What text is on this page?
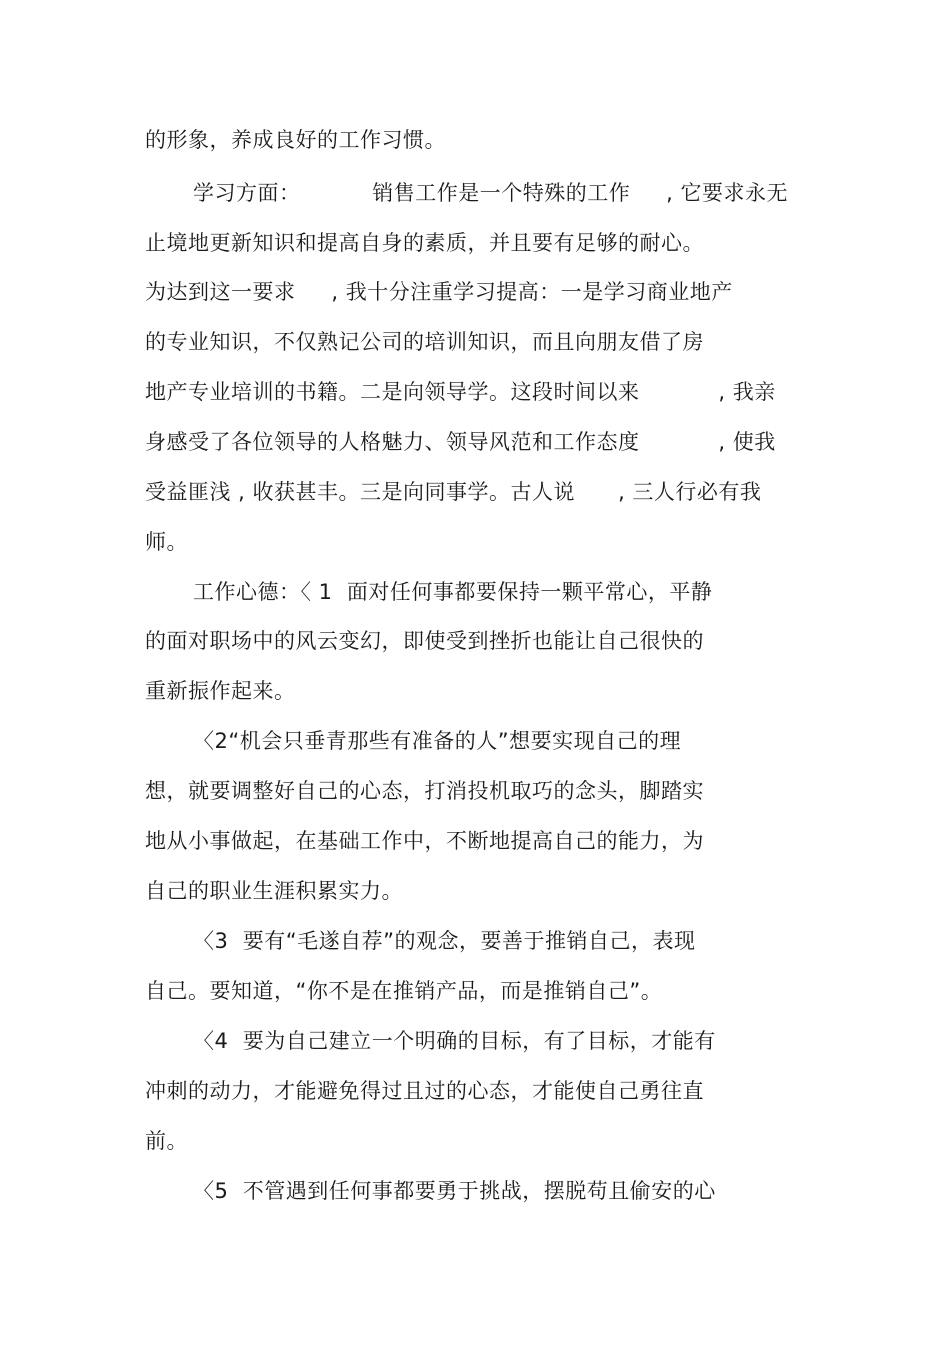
的形象，养成良好的工作习惯。
学习方面：          销售工作是一个特殊的工作     , 它要求永无
止境地更新知识和提高自身的素质，并且要有足够的耐心。
为达到这一要求     , 我十分注重学习提高：一是学习商业地产
的专业知识，不仅熟记公司的培训知识，而且向朋友借了房
地产专业培训的书籍。二是向领导学。这段时间以来           , 我亲
身感受了各位领导的人格魅力、领导风范和工作态度           , 使我
受益匪浅 , 收获甚丰。三是向同事学。古人说      , 三人行必有我
师。
工作心德：〈 1  面对任何事都要保持一颗平常心，平静
的面对职场中的风云变幻，即使受到挫折也能让自己很快的
重新振作起来。
〈2“机会只垂青那些有准备的人”想要实现自己的理
想，就要调整好自己的心态，打消投机取巧的念头，脚踏实
地从小事做起，在基础工作中，不断地提高自己的能力，为
自己的职业生涯积累实力。
〈3  要有“毛遂自荐”的观念，要善于推销自己，表现
自己。要知道，“你不是在推销产品，而是推销自己”。
〈4  要为自己建立一个明确的目标，有了目标，才能有
冲刺的动力，才能避免得过且过的心态，才能使自己勇往直
前。
〈5  不管遇到任何事都要勇于挑战，摆脱苟且偷安的心
